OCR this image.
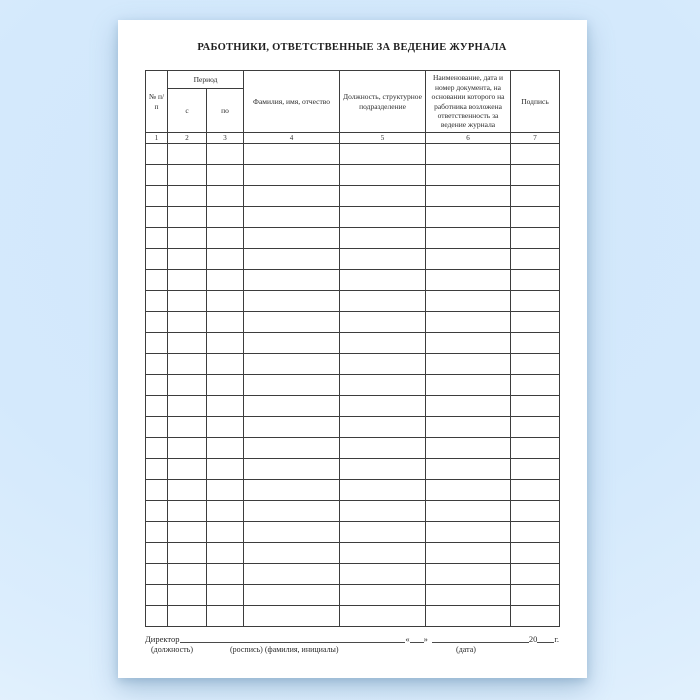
РАБОТНИКИ, ОТВЕТСТВЕННЫЕ ЗА ВЕДЕНИЕ ЖУРНАЛА
№ п/п	Период		Фамилия, имя, отчество	Должность, структурное подразделение	Наименование, дата и номер документа, на основании которого на работника возложена ответственность за ведение журнала	Подпись
	с	по				
1	2	3	4	5	6	7

Директор	« »	20 г.
(должность)	(роспись) (фамилия, инициалы)	(дата)
